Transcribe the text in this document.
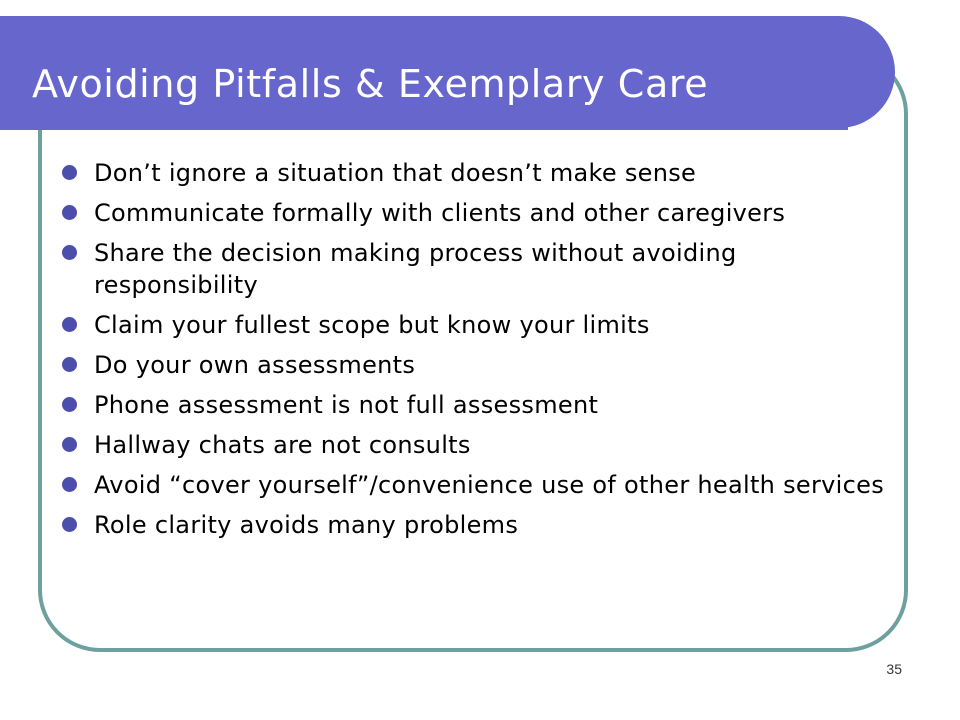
Avoiding Pitfalls & Exemplary Care
Don’t ignore a situation that doesn’t make sense
Communicate formally with clients and other caregivers
Share the decision making process without avoiding responsibility
Claim your fullest scope but know your limits
Do your own assessments
Phone assessment is not full assessment
Hallway chats are not consults
Avoid “cover yourself”/convenience use of other health services
Role clarity avoids many problems
35
